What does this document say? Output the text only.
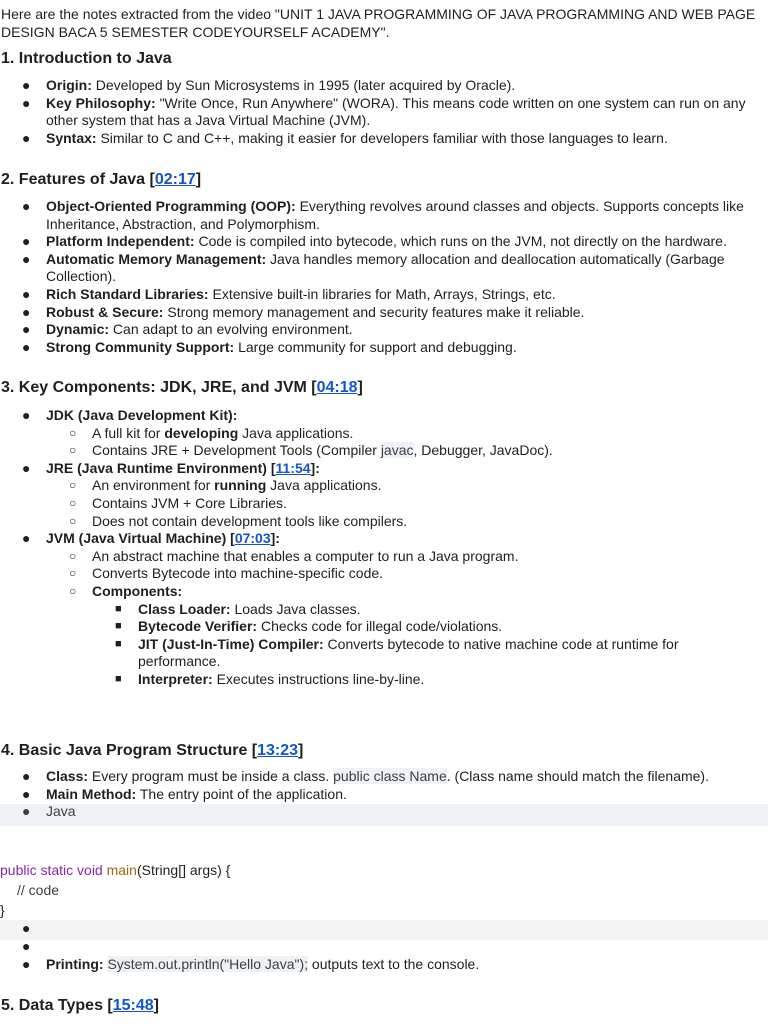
Here are the notes extracted from the video "UNIT 1 JAVA PROGRAMMING OF JAVA PROGRAMMING AND WEB PAGE DESIGN BACA 5 SEMESTER CODEYOURSELF ACADEMY".
1. Introduction to Java
● Origin: Developed by Sun Microsystems in 1995 (later acquired by Oracle).
● Key Philosophy: "Write Once, Run Anywhere" (WORA). This means code written on one system can run on any other system that has a Java Virtual Machine (JVM).
● Syntax: Similar to C and C++, making it easier for developers familiar with those languages to learn.
2. Features of Java [02:17]
● Object-Oriented Programming (OOP): Everything revolves around classes and objects. Supports concepts like Inheritance, Abstraction, and Polymorphism.
● Platform Independent: Code is compiled into bytecode, which runs on the JVM, not directly on the hardware.
● Automatic Memory Management: Java handles memory allocation and deallocation automatically (Garbage Collection).
● Rich Standard Libraries: Extensive built-in libraries for Math, Arrays, Strings, etc.
● Robust & Secure: Strong memory management and security features make it reliable.
● Dynamic: Can adapt to an evolving environment.
● Strong Community Support: Large community for support and debugging.
3. Key Components: JDK, JRE, and JVM [04:18]
● JDK (Java Development Kit):
○ A full kit for developing Java applications.
○ Contains JRE + Development Tools (Compiler javac, Debugger, JavaDoc).
● JRE (Java Runtime Environment) [11:54]:
○ An environment for running Java applications.
○ Contains JVM + Core Libraries.
○ Does not contain development tools like compilers.
● JVM (Java Virtual Machine) [07:03]:
○ An abstract machine that enables a computer to run a Java program.
○ Converts Bytecode into machine-specific code.
○ Components:
■ Class Loader: Loads Java classes.
■ Bytecode Verifier: Checks code for illegal code/violations.
■ JIT (Just-In-Time) Compiler: Converts bytecode to native machine code at runtime for performance.
■ Interpreter: Executes instructions line-by-line.
4. Basic Java Program Structure [13:23]
● Class: Every program must be inside a class. public class Name. (Class name should match the filename).
● Main Method: The entry point of the application.
● Java
public static void main(String[] args) {
// code
}
●
●
● Printing: System.out.println("Hello Java"); outputs text to the console.
5. Data Types [15:48]
